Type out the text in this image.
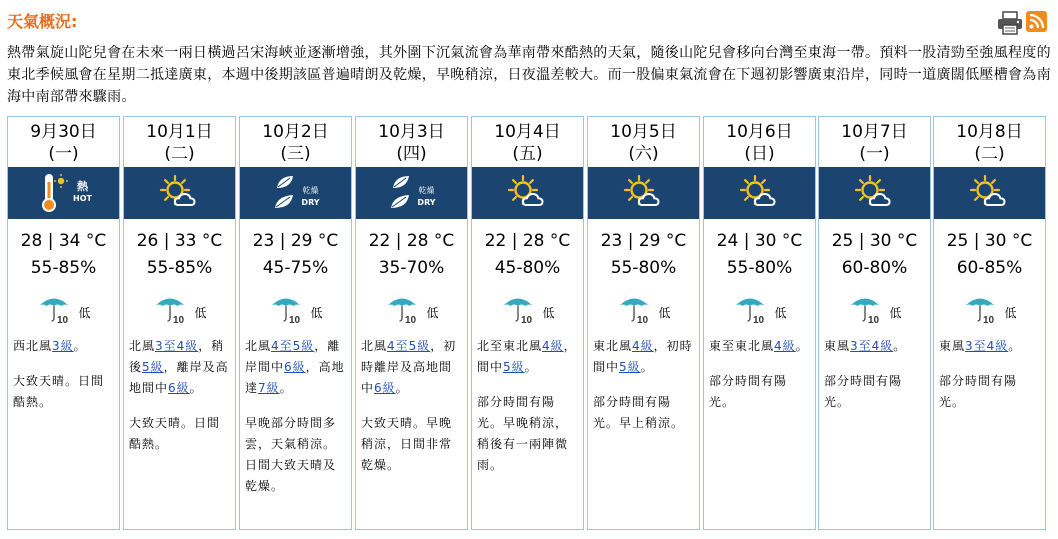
天氣概況:
熱帶氣旋山陀兒會在未來一兩日橫過呂宋海峽並逐漸增強，其外圍下沉氣流會為華南帶來酷熱的天氣，隨後山陀兒會移向台灣至東海一帶。預料一股清勁至強風程度的東北季候風會在星期二抵達廣東，本週中後期該區普遍晴朗及乾燥，早晚稍涼，日夜溫差較大。而一股偏東氣流會在下週初影響廣東沿岸，同時一道廣闊低壓槽會為南海中南部帶來驟雨。
9月30日
(一)
熱
HOT
28 | 34 °C
55-85%
10
低
西北風3級。
大致天晴。日間酷熱。
10月1日
(二)
26 | 33 °C
55-85%
10
低
北風3至4級，稍後5級，離岸及高地間中6級。
大致天晴。日間酷熱。
10月2日
(三)
乾燥
DRY
23 | 29 °C
45-75%
10
低
北風4至5級，離岸間中6級，高地達7級。
早晚部分時間多雲，天氣稍涼。日間大致天晴及乾燥。
10月3日
(四)
乾燥
DRY
22 | 28 °C
35-70%
10
低
北風4至5級，初時離岸及高地間中6級。
大致天晴。早晚稍涼，日間非常乾燥。
10月4日
(五)
22 | 28 °C
45-80%
10
低
北至東北風4級，間中5級。
部分時間有陽光。早晚稍涼，稍後有一兩陣微雨。
10月5日
(六)
23 | 29 °C
55-80%
10
低
東北風4級，初時間中5級。
部分時間有陽光。早上稍涼。
10月6日
(日)
24 | 30 °C
55-80%
10
低
東至東北風4級。
部分時間有陽光。
10月7日
(一)
25 | 30 °C
60-80%
10
低
東風3至4級。
部分時間有陽光。
10月8日
(二)
25 | 30 °C
60-85%
10
低
東風3至4級。
部分時間有陽光。
